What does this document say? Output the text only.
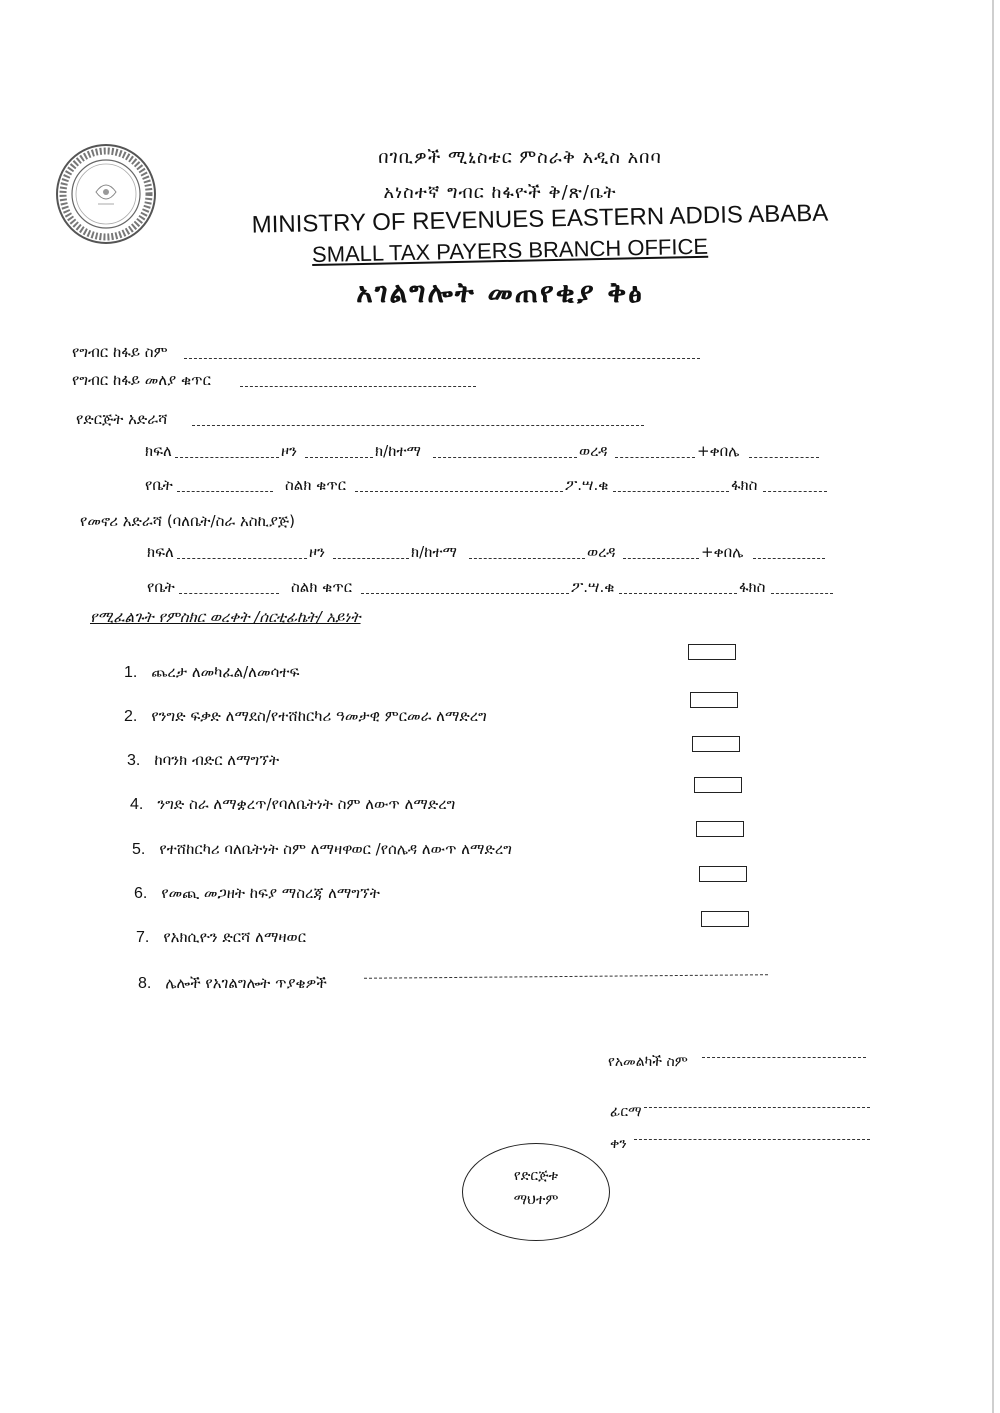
በገቢዎች ሚኒስቴር ምስራቅ አዲስ አበባ
አነስተኛ ግብር ከፋዮች ቅ/ጽ/ቤት
MINISTRY OF REVENUES EASTERN ADDIS ABABA
SMALL TAX PAYERS BRANCH OFFICE
አገልግሎት መጠየቂያ ቅፅ
የግብር ከፋይ ስም
የግብር ከፋይ መለያ ቁጥር
የድርጅት አድራሻ
ክፍለ	ዞን	ክ/ከተማ	ወረዳ	+ቀበሌ
የቤት	ስልክ ቁጥር	ፖ.ሣ.ቁ	ፋክስ
የመኖሪ አድራሻ (ባለቤት/ስራ አስኪያጅ)
ክፍለ	ዞን	ክ/ከተማ	ወረዳ	+ቀበሌ
የቤት	ስልክ ቁጥር	ፖ.ሣ.ቁ	ፋክስ
የሚፈልጉት የምስክር ወረቀት /ሰርቲፊኬት/ አይነት
1. ጨረታ ለመካፈል/ለመሳተፍ
2. የንግድ ፍቃድ ለማደስ/የተሸከርካሪ ዓመታዊ ምርመራ ለማድረግ
3. ከባንክ ብድር ለማግኘት
4. ንግድ ስራ ለማቋረጥ/የባለቤትነት ስም ለውጥ ለማድረግ
5. የተሸከርካሪ ባለቤትነት ስም ለማዛዋወር /የሰሌዳ ለውጥ ለማድረግ
6. የመጪ መጋዘት ከፍያ ማስረጃ ለማግኘት
7. የአክሲዮን ድርሻ ለማዛወር
8. ሌሎች የአገልግሎት ጥያቄዎች
የአመልካች ስም
ፊርማ
ቀን
የድርጅቱ
ማህተም
